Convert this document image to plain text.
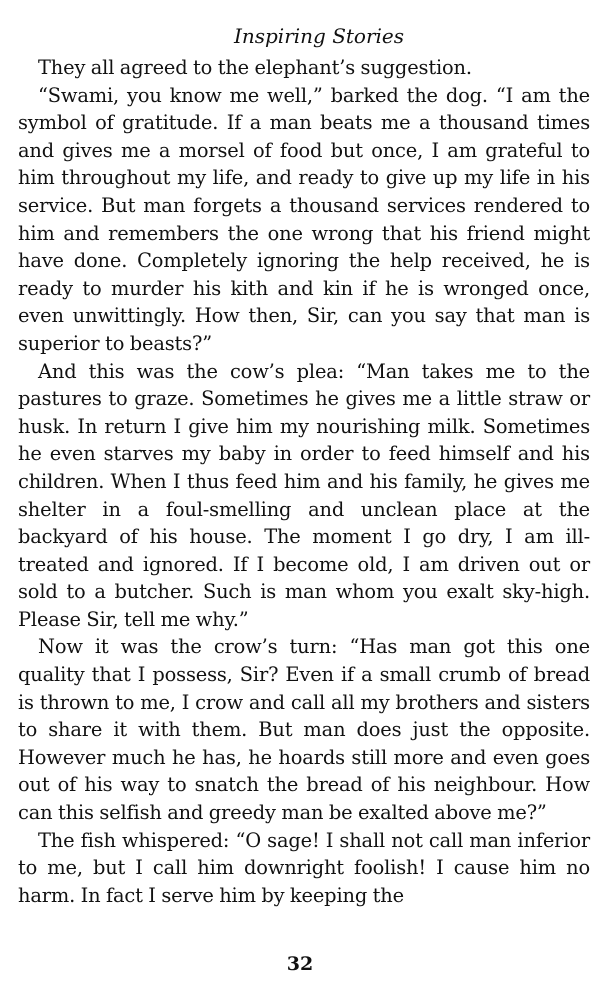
Inspiring Stories

They all agreed to the elephant’s suggestion.

“Swami, you know me well,” barked the dog. “I am the symbol of gratitude. If a man beats me a thousand times and gives me a morsel of food but once, I am grateful to him throughout my life, and ready to give up my life in his service. But man forgets a thousand services rendered to him and remembers the one wrong that his friend might have done. Completely ignoring the help received, he is ready to murder his kith and kin if he is wronged once, even unwittingly. How then, Sir, can you say that man is superior to beasts?”

And this was the cow’s plea: “Man takes me to the pastures to graze. Sometimes he gives me a little straw or husk. In return I give him my nourishing milk. Sometimes he even starves my baby in order to feed himself and his children. When I thus feed him and his family, he gives me shelter in a foul-smelling and unclean place at the backyard of his house. The moment I go dry, I am ill-treated and ignored. If I become old, I am driven out or sold to a butcher. Such is man whom you exalt sky-high. Please Sir, tell me why.”

Now it was the crow’s turn: “Has man got this one quality that I possess, Sir? Even if a small crumb of bread is thrown to me, I crow and call all my brothers and sisters to share it with them. But man does just the opposite. However much he has, he hoards still more and even goes out of his way to snatch the bread of his neighbour. How can this selfish and greedy man be exalted above me?”

The fish whispered: “O sage! I shall not call man inferior to me, but I call him downright foolish! I cause him no harm. In fact I serve him by keeping the

32
